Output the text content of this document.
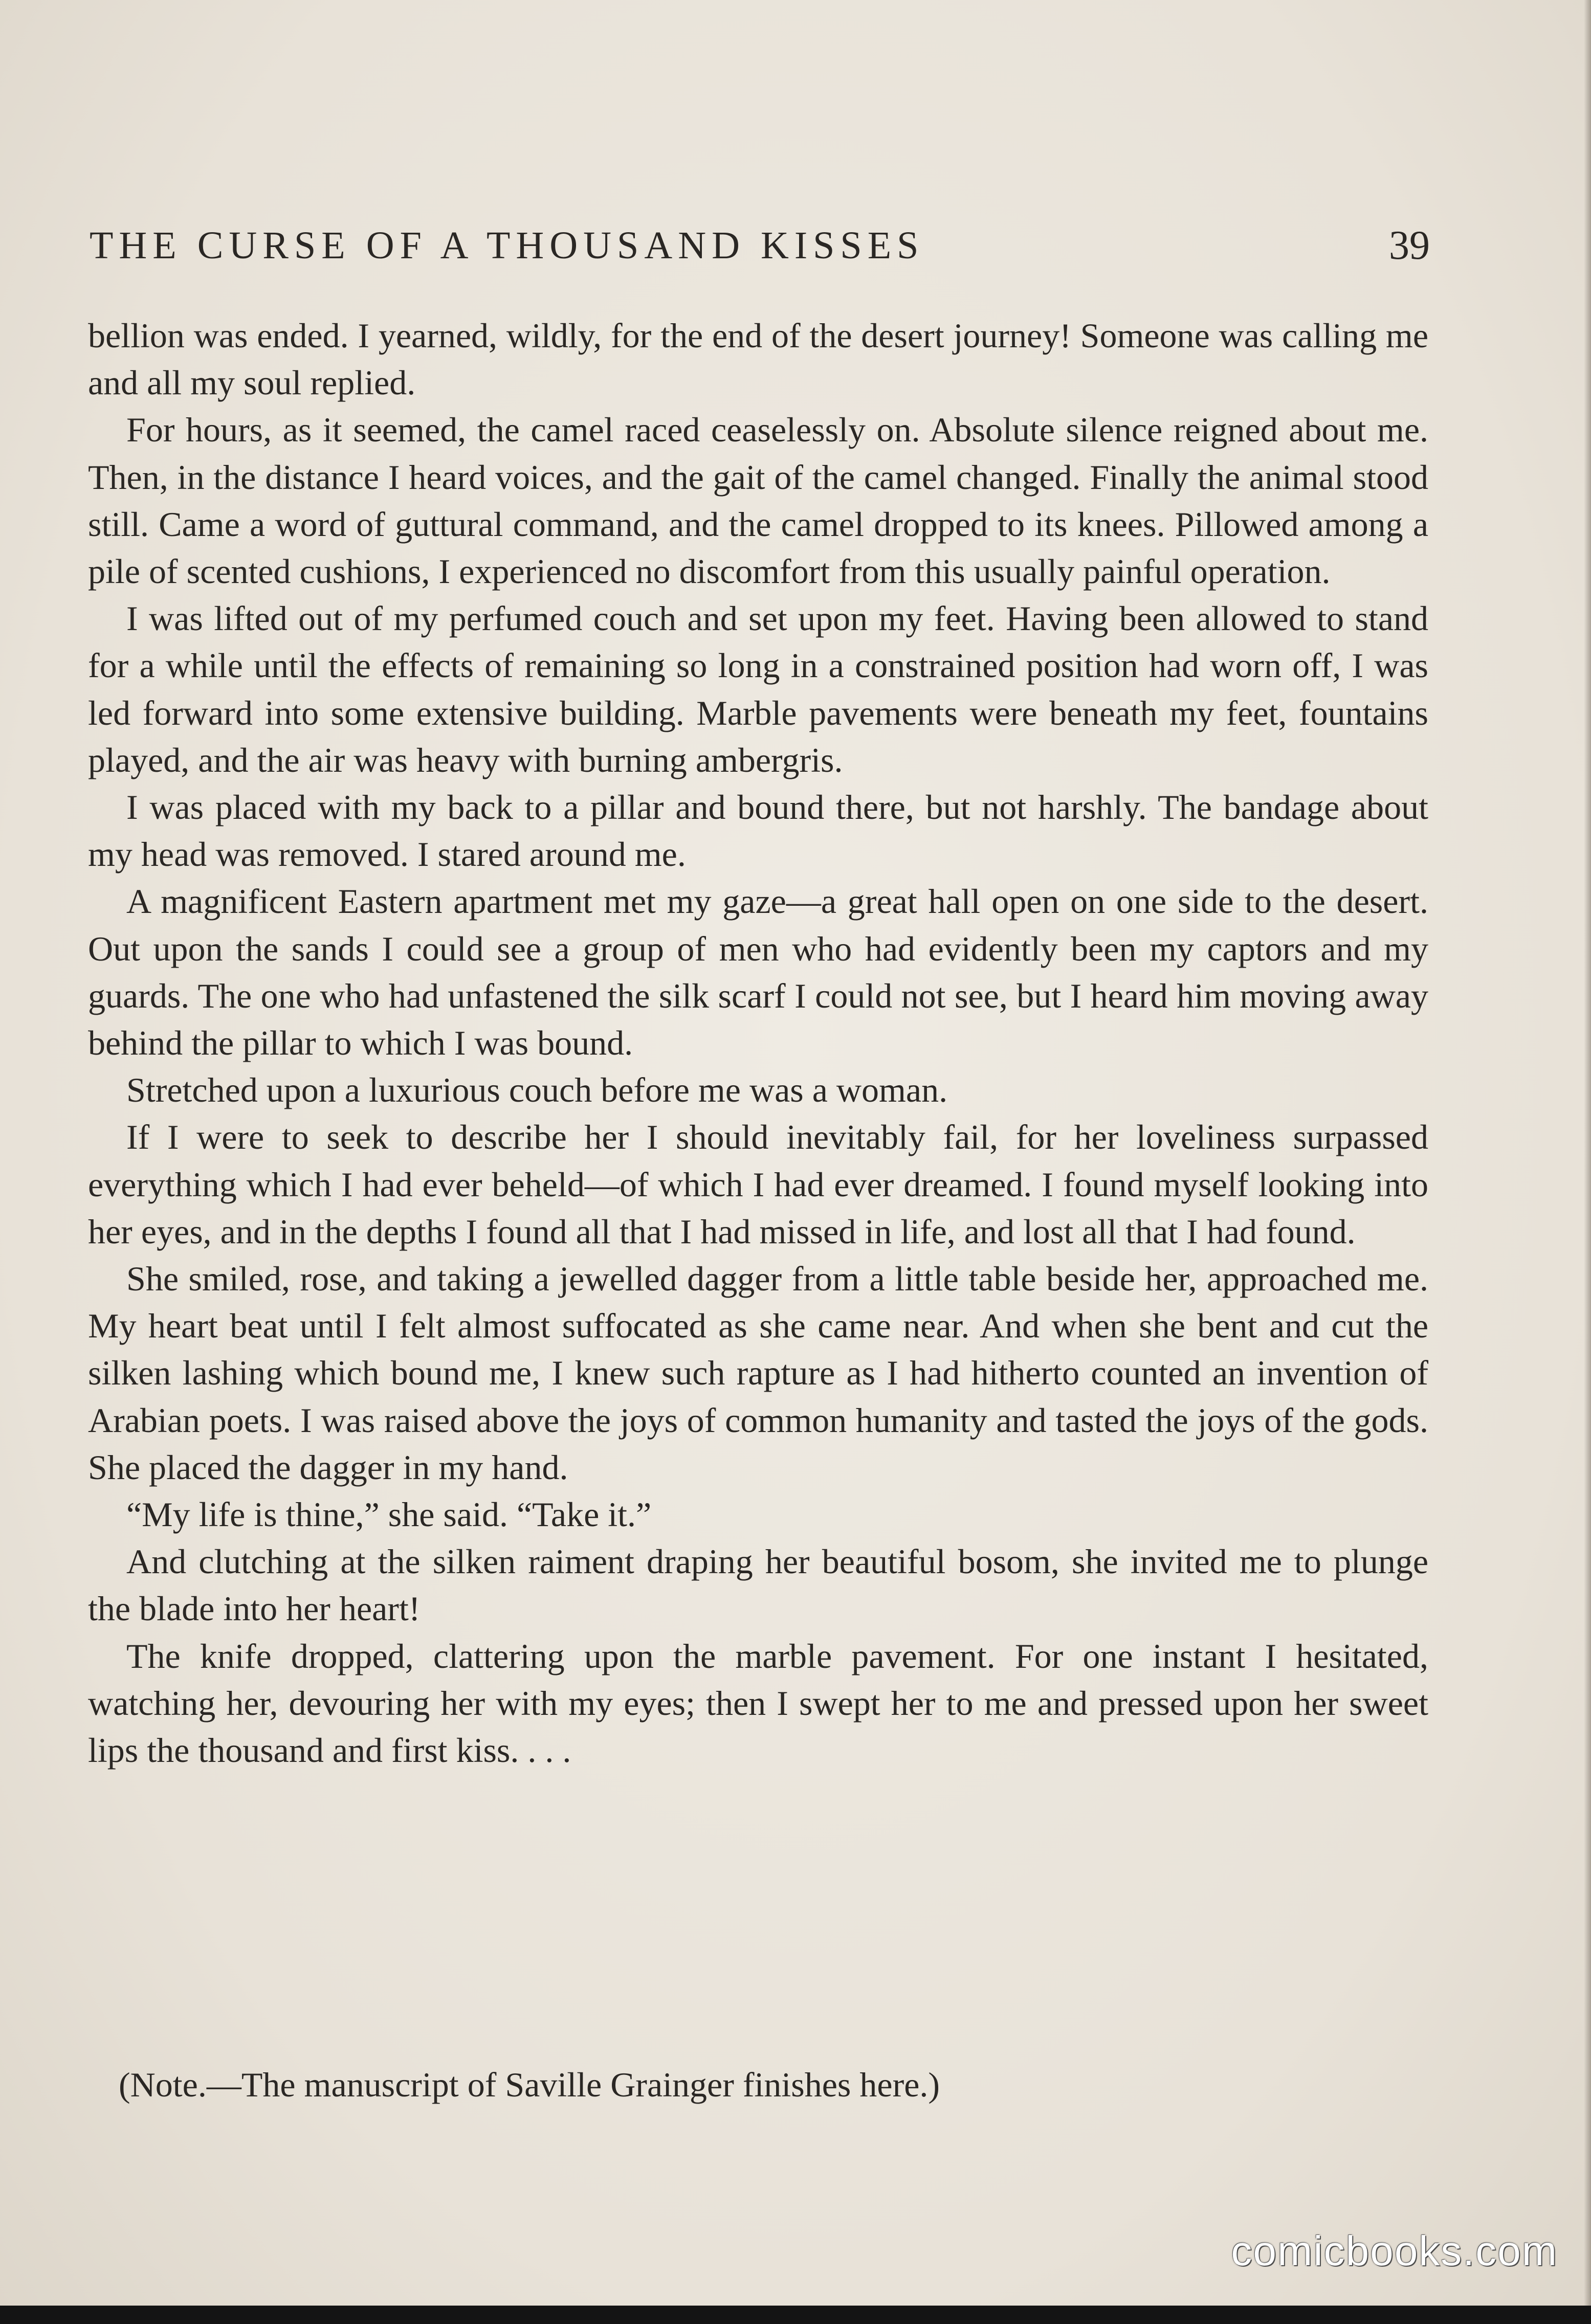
THE CURSE OF A THOUSAND KISSES	39

bellion was ended. I yearned, wildly, for the end of the desert journey! Someone was calling me and all my soul replied.

For hours, as it seemed, the camel raced ceaselessly on. Absolute silence reigned about me. Then, in the distance I heard voices, and the gait of the camel changed. Finally the animal stood still. Came a word of guttural command, and the camel dropped to its knees. Pillowed among a pile of scented cushions, I experienced no discomfort from this usually painful operation.

I was lifted out of my perfumed couch and set upon my feet. Having been allowed to stand for a while until the effects of remaining so long in a constrained position had worn off, I was led forward into some extensive building. Marble pavements were beneath my feet, fountains played, and the air was heavy with burning ambergris.

I was placed with my back to a pillar and bound there, but not harshly. The bandage about my head was removed. I stared around me.

A magnificent Eastern apartment met my gaze—a great hall open on one side to the desert. Out upon the sands I could see a group of men who had evidently been my captors and my guards. The one who had unfastened the silk scarf I could not see, but I heard him moving away behind the pillar to which I was bound.

Stretched upon a luxurious couch before me was a woman.

If I were to seek to describe her I should inevitably fail, for her loveliness surpassed everything which I had ever beheld—of which I had ever dreamed. I found myself looking into her eyes, and in the depths I found all that I had missed in life, and lost all that I had found.

She smiled, rose, and taking a jewelled dagger from a little table beside her, approached me. My heart beat until I felt almost suffocated as she came near. And when she bent and cut the silken lashing which bound me, I knew such rapture as I had hitherto counted an invention of Arabian poets. I was raised above the joys of common humanity and tasted the joys of the gods. She placed the dagger in my hand.

“My life is thine,” she said. “Take it.”

And clutching at the silken raiment draping her beautiful bosom, she invited me to plunge the blade into her heart!

The knife dropped, clattering upon the marble pavement. For one instant I hesitated, watching her, devouring her with my eyes; then I swept her to me and pressed upon her sweet lips the thousand and first kiss. . . .

(Note.—The manuscript of Saville Grainger finishes here.)
comicbooks.com
